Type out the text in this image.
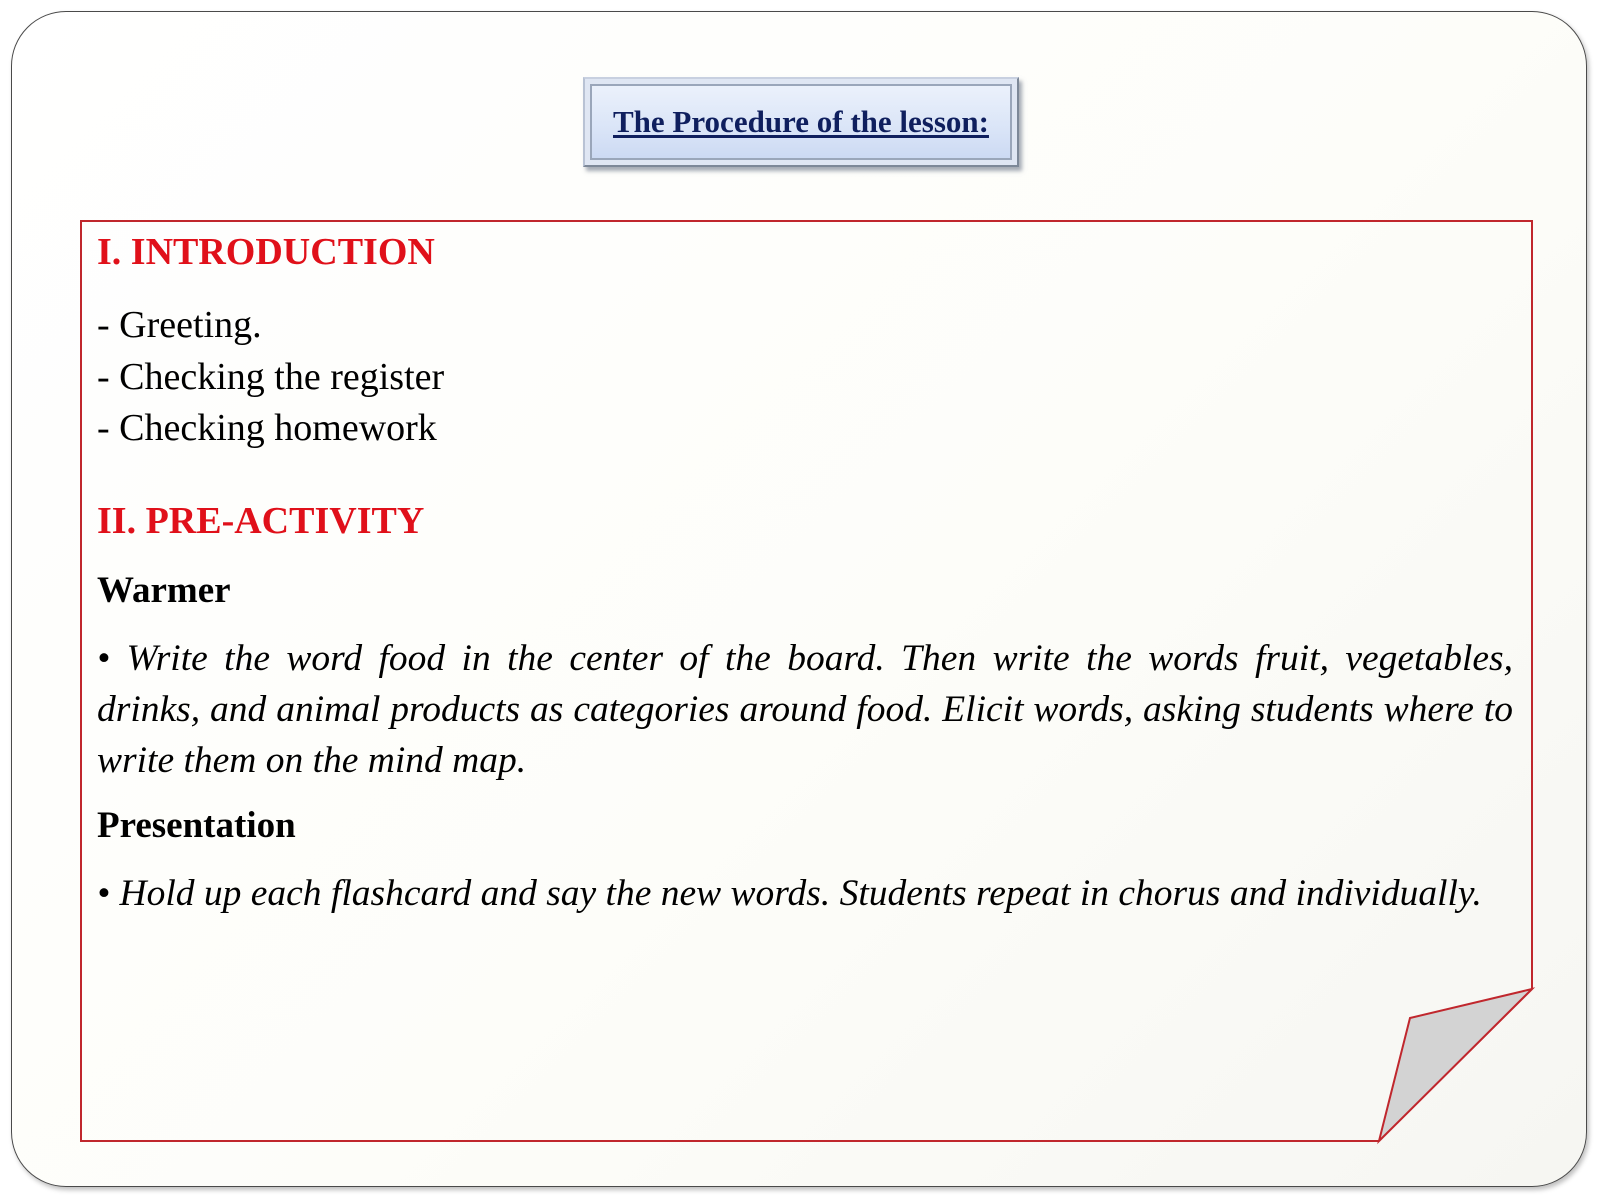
The Procedure of the lesson:

I. INTRODUCTION

- Greeting.

- Checking the register

- Checking homework

II. PRE-ACTIVITY

Warmer

• Write the word food in the center of the board. Then write the words fruit, vegetables, drinks, and animal products as categories around food. Elicit words, asking students where to write them on the mind map.

Presentation

• Hold up each flashcard and say the new words. Students repeat in chorus and individually.
